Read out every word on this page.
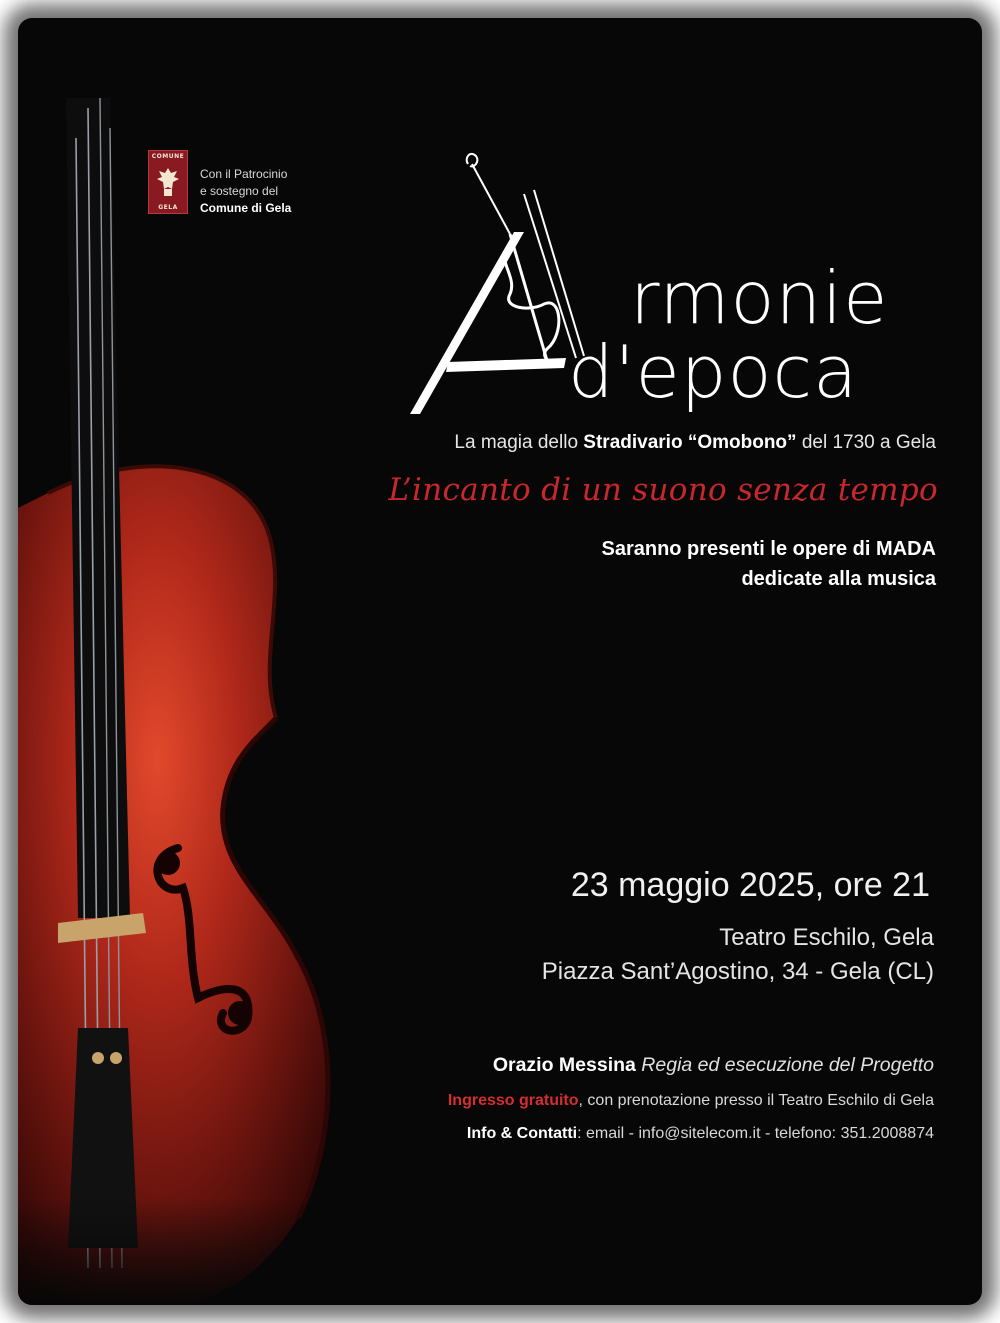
COMUNE
GELA
Con il Patrocinio
e sostegno del
Comune di Gela
rmonie
d'epoca
La magia dello Stradivario “Omobono” del 1730 a Gela
L’incanto di un suono senza tempo
Saranno presenti le opere di MADA
dedicate alla musica
23 maggio 2025, ore 21
Teatro Eschilo, Gela
Piazza Sant’Agostino, 34 - Gela (CL)
Orazio Messina Regia ed esecuzione del Progetto
Ingresso gratuito, con prenotazione presso il Teatro Eschilo di Gela
Info & Contatti: email - info@sitelecom.it - telefono: 351.2008874
